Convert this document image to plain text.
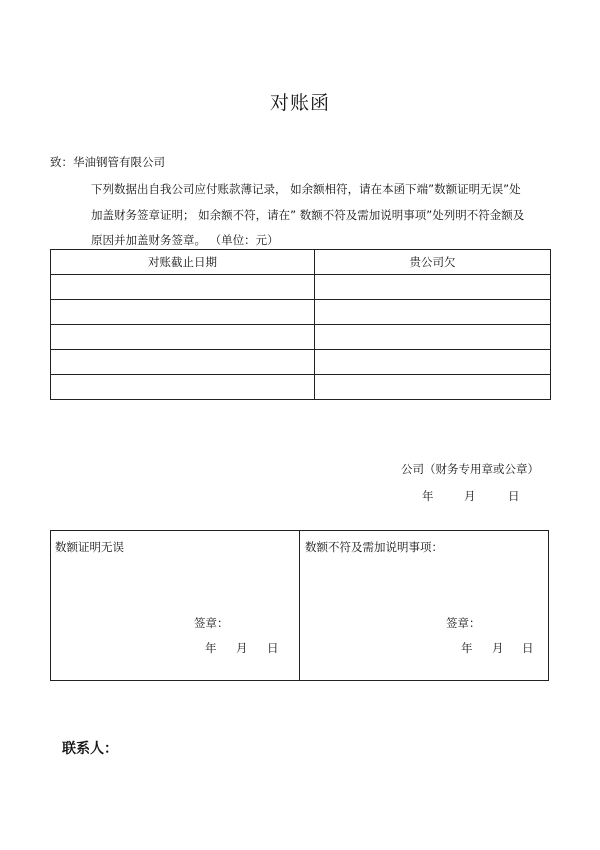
对账函
致：华油钢管有限公司
下列数据出自我公司应付账款薄记录， 如余额相符，请在本函下端”数额证明无误”处
加盖财务签章证明； 如余额不符，请在” 数额不符及需加说明事项”处列明不符金额及
原因并加盖财务签章。 （单位：元）
对账截止日期	贵公司欠

公司（财务专用章或公章）
年	月	日
数额证明无误
签章：
年 月 日
数额不符及需加说明事项：
签章：
年 月 日
联系人：
